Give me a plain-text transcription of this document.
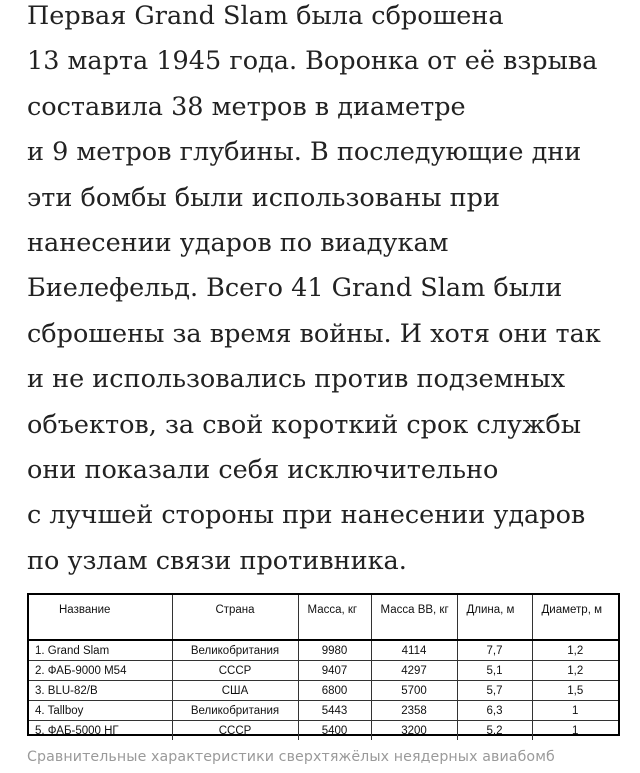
Первая Grand Slam была сброшена
13 марта 1945 года. Воронка от её взрыва
составила 38 метров в диаметре
и 9 метров глубины. В последующие дни
эти бомбы были использованы при
нанесении ударов по виадукам
Биелефельд. Всего 41 Grand Slam были
сброшены за время войны. И хотя они так
и не использовались против подземных
объектов, за свой короткий срок службы
они показали себя исключительно
с лучшей стороны при нанесении ударов
по узлам связи противника.
Название	Страна	Масса, кг	Масса ВВ, кг	Длина, м	Диаметр, м
1. Grand Slam	Великобритания	9980	4114	7,7	1,2
2. ФАБ-9000 М54	СССР	9407	4297	5,1	1,2
3. BLU-82/B	США	6800	5700	5,7	1,5
4. Tallboy	Великобритания	5443	2358	6,3	1
5. ФАБ-5000 НГ	СССР	5400	3200	5,2	1
Сравнительные характеристики сверхтяжёлых неядерных авиабомб
